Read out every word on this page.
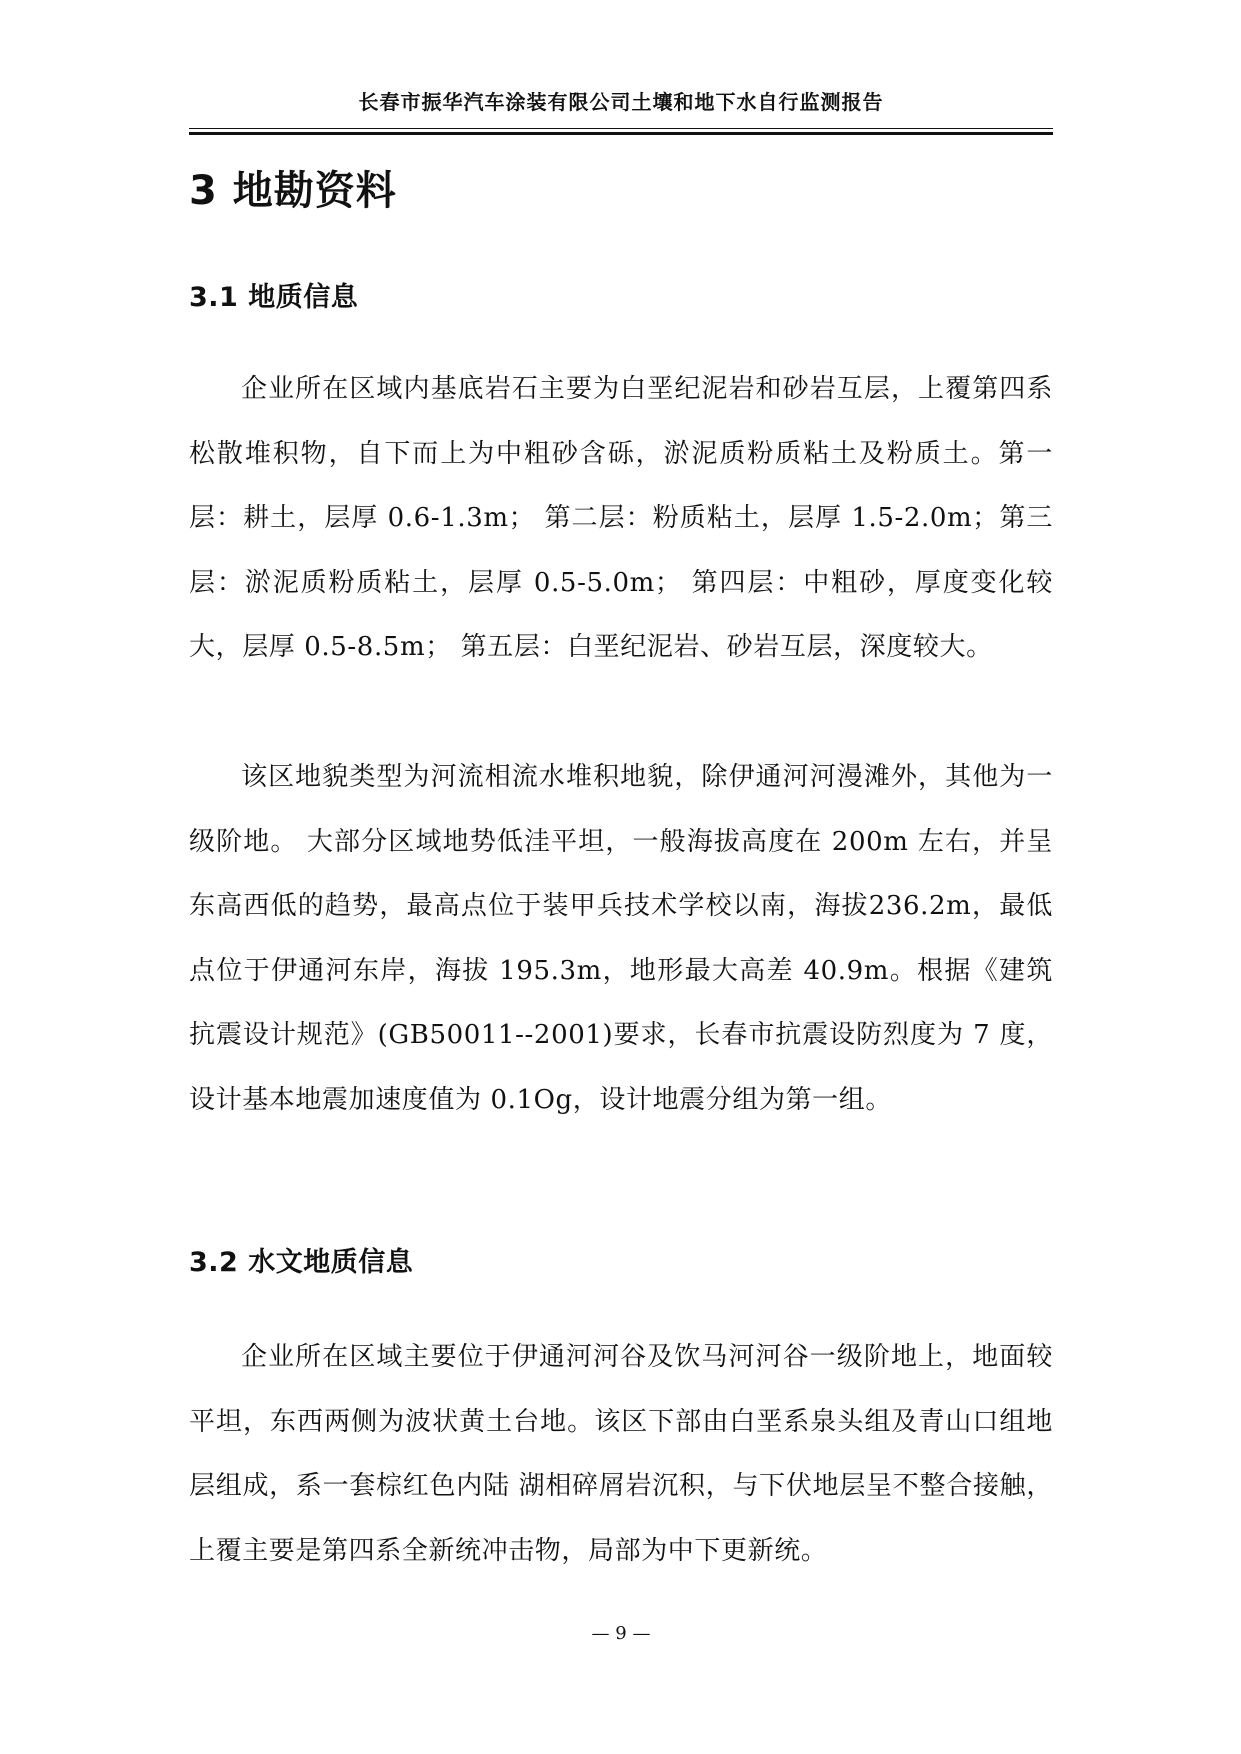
长春市振华汽车涂装有限公司土壤和地下水自行监测报告
3 地勘资料
3.1 地质信息

企业所在区域内基底岩石主要为白垩纪泥岩和砂岩互层，上覆第四系松散堆积物，自下而上为中粗砂含砾，淤泥质粉质粘土及粉质土。第一层：耕土，层厚 0.6-1.3m； 第二层：粉质粘土，层厚 1.5-2.0m；第三层：淤泥质粉质粘土，层厚 0.5-5.0m； 第四层：中粗砂，厚度变化较大，层厚 0.5-8.5m； 第五层：白垩纪泥岩、砂岩互层，深度较大。

该区地貌类型为河流相流水堆积地貌，除伊通河河漫滩外，其他为一级阶地。 大部分区域地势低洼平坦，一般海拔高度在 200m 左右，并呈东高西低的趋势，最高点位于装甲兵技术学校以南，海拔236.2m，最低点位于伊通河东岸，海拔 195.3m，地形最大高差 40.9m。根据《建筑抗震设计规范》(GB50011--2001)要求，长春市抗震设防烈度为 7 度，设计基本地震加速度值为 0.1Og，设计地震分组为第一组。

3.2 水文地质信息

企业所在区域主要位于伊通河河谷及饮马河河谷一级阶地上，地面较平坦，东西两侧为波状黄土台地。该区下部由白垩系泉头组及青山口组地层组成，系一套棕红色内陆 湖相碎屑岩沉积，与下伏地层呈不整合接触，上覆主要是第四系全新统冲击物，局部为中下更新统。

— 9 —
